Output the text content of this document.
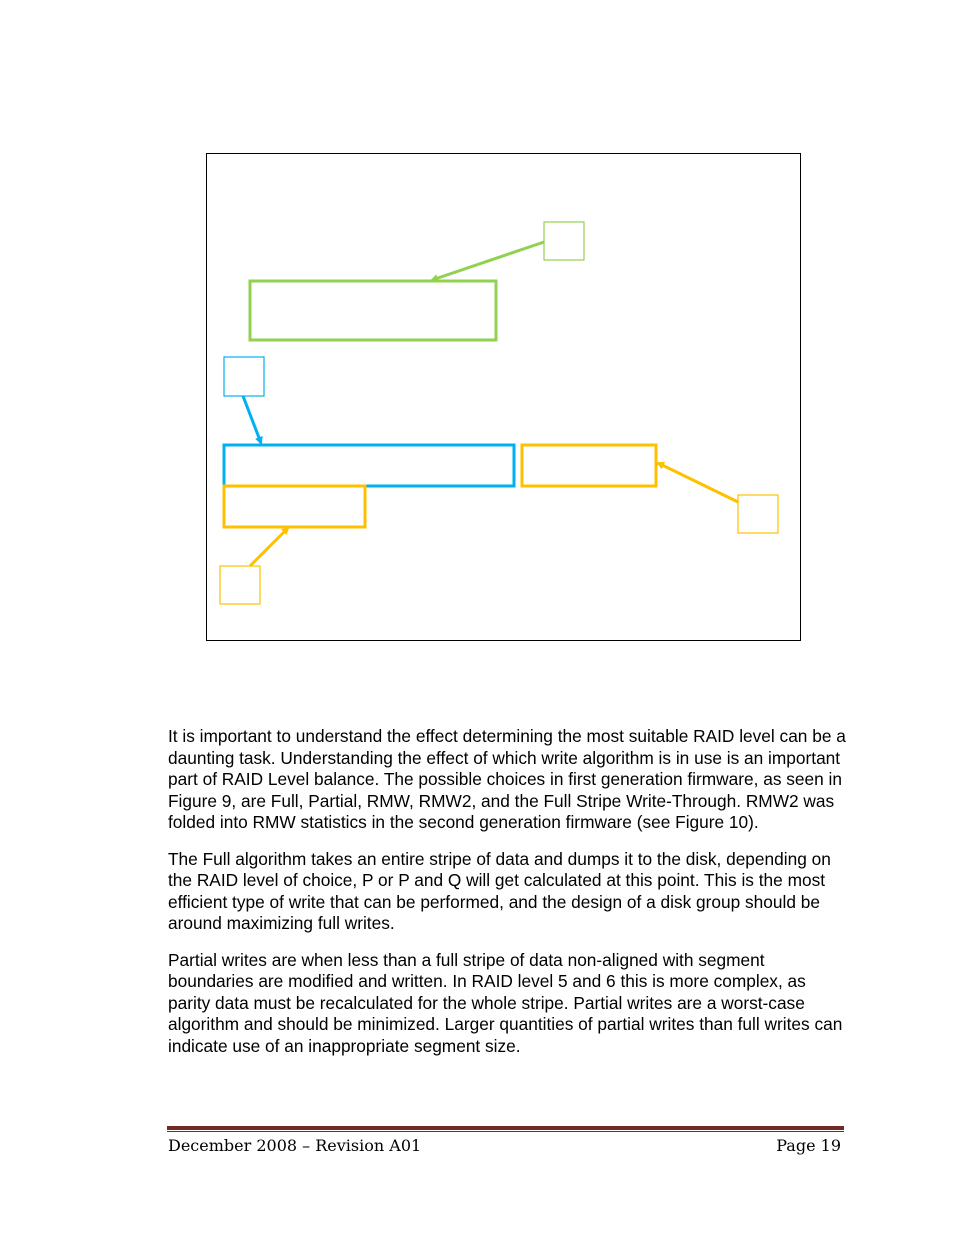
It is important to understand the effect determining the most suitable RAID level can be a daunting task. Understanding the effect of which write algorithm is in use is an important part of RAID Level balance. The possible choices in first generation firmware, as seen in Figure 9, are Full, Partial, RMW, RMW2, and the Full Stripe Write-Through. RMW2 was folded into RMW statistics in the second generation firmware (see Figure 10).

The Full algorithm takes an entire stripe of data and dumps it to the disk, depending on the RAID level of choice, P or P and Q will get calculated at this point. This is the most efficient type of write that can be performed, and the design of a disk group should be around maximizing full writes.

Partial writes are when less than a full stripe of data non-aligned with segment boundaries are modified and written. In RAID level 5 and 6 this is more complex, as parity data must be recalculated for the whole stripe. Partial writes are a worst-case algorithm and should be minimized. Larger quantities of partial writes than full writes can indicate use of an inappropriate segment size.

December 2008 – Revision A01	Page 19
